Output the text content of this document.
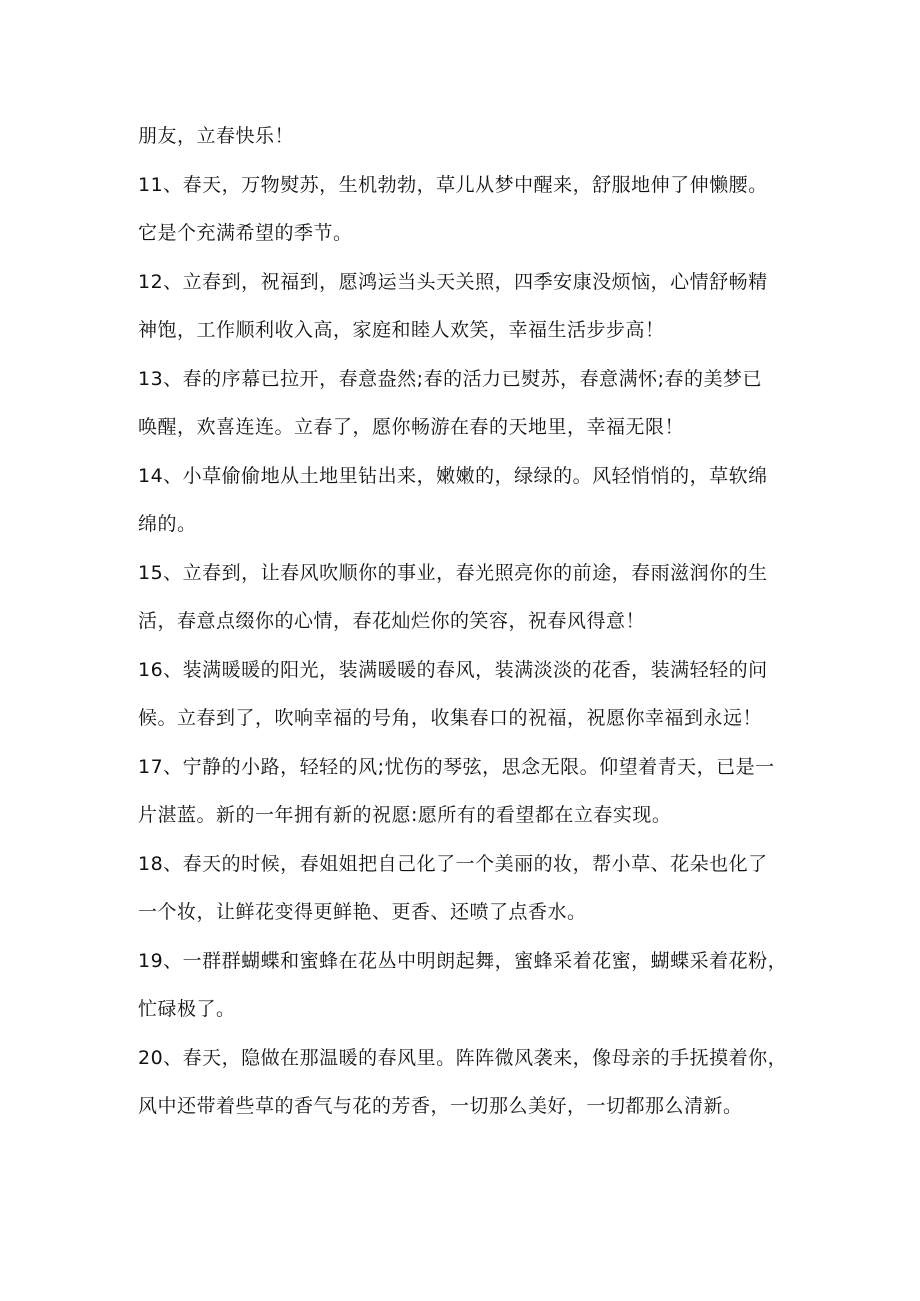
朋友，立春快乐！
11、春天，万物熨苏，生机勃勃，草儿从梦中醒来，舒服地伸了伸懒腰。
它是个充满希望的季节。
12、立春到，祝福到，愿鸿运当头天关照，四季安康没烦恼，心情舒畅精
神饱，工作顺利收入高，家庭和睦人欢笑，幸福生活步步高！
13、春的序幕已拉开，春意盎然;春的活力已熨苏，春意满怀;春的美梦已
唤醒，欢喜连连。立春了，愿你畅游在春的天地里，幸福无限！
14、小草偷偷地从土地里钻出来，嫩嫩的，绿绿的。风轻悄悄的，草软绵
绵的。
15、立春到，让春风吹顺你的事业，春光照亮你的前途，春雨滋润你的生
活，春意点缀你的心情，春花灿烂你的笑容，祝春风得意！
16、装满暖暖的阳光，装满暖暖的春风，装满淡淡的花香，装满轻轻的问
候。立春到了，吹响幸福的号角，收集春口的祝福，祝愿你幸福到永远！
17、宁静的小路，轻轻的风;忧伤的琴弦，思念无限。仰望着青天，已是一
片湛蓝。新的一年拥有新的祝愿:愿所有的看望都在立春实现。
18、春天的时候，春姐姐把自己化了一个美丽的妆，帮小草、花朵也化了
一个妆，让鲜花变得更鲜艳、更香、还喷了点香水。
19、一群群蝴蝶和蜜蜂在花丛中明朗起舞，蜜蜂采着花蜜，蝴蝶采着花粉，
忙碌极了。
20、春天，隐做在那温暖的春风里。阵阵微风袭来，像母亲的手抚摸着你，
风中还带着些草的香气与花的芳香，一切那么美好，一切都那么清新。
